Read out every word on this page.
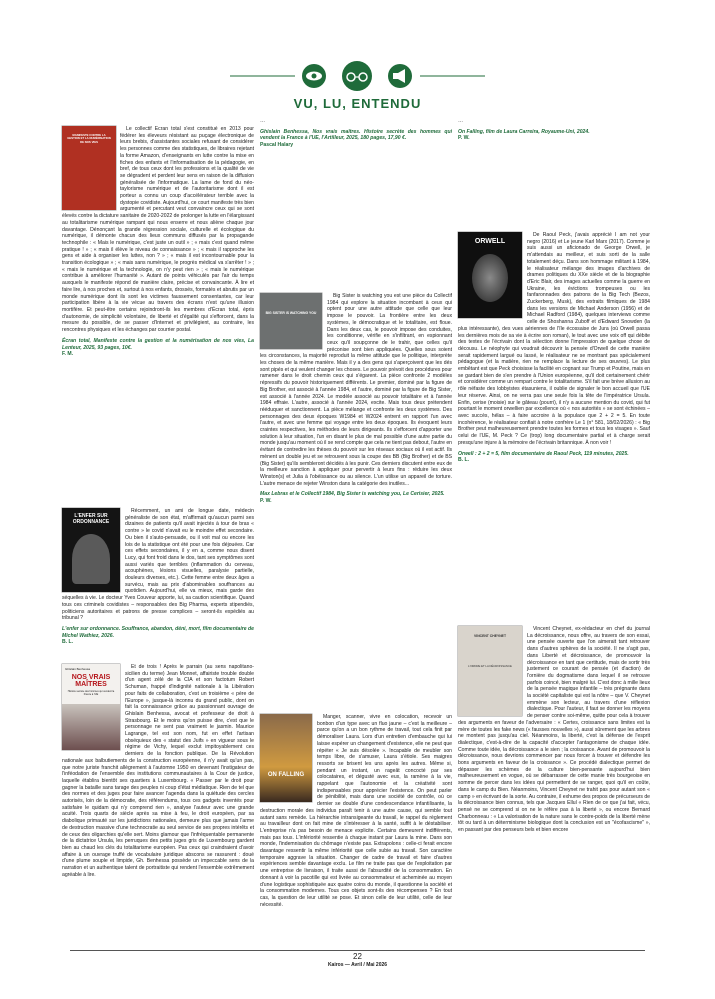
VU, LU, ENTENDU
MANIFESTE CONTRE LA GESTION ET LA NUMÉRISATION DE NOS VIES

Le collectif Écran total s'est constitué en 2013 pour fédérer les éleveurs résistant au puçage électronique de leurs brebis, d'assistantes sociales refusant de considérer les personnes comme des statistiques, de libraires rejetant la forme Amazon, d'enseignants en lutte contre la mise en fiches des enfants et l'informatisation de la pédagogie, en bref, de tous ceux dont les professions et la qualité de vie se dégradent et perdent leur sens en raison de la diffusion généralisée de l'informatique. La lame de fond du néo-taylorisme numérique et de l'autoritarisme dont il est porteur a connu un coup d'accélérateur terrible avec la dystopie covidiste. Aujourd'hui, ce court manifeste très bien argumenté et percutant veut convaincre ceux qui se sont élevés contre la dictature sanitaire de 2020-2022 de prolonger la lutte en l'élargissant au totalitarisme numérique rampant qui nous enserre et nous aliène chaque jour davantage. Dénonçant la grande régression sociale, culturelle et écologique du numérique, il démonte chacun des lieux communs diffusés par la propagande technophile : « Mais le numérique, c'est juste un outil » ; « mais c'est quand même pratique ! » ; « mais il élève le niveau de connaissance » ; « mais il rapproche les gens et aide à organiser les luttes, non ? » ; « mais il est incontournable pour la transition écologique » ; « mais sans numérique, le progrès médical va s'arrêter ! » ; « mais le numérique et la technologie, on n'y peut rien » ; « mais le numérique contribue à améliorer l'humanité ». Autant de points véhiculés par l'air du temps auxquels le manifeste répond de manière claire, précise et convaincante. À lire et faire lire, à nos proches et, surtout à nos enfants, drossés, formatés et abrutis par un monde numérique dont ils sont les victimes faussement consentantes, car leur participation libère à la vie vécue au travers des écrans n'est qu'une illusion mortifère. Et peut-être certains rejoindront-ils les membres d'Écran total, épris d'autonomie, de simplicité volontaire, de liberté et d'égalité qui s'efforcent, dans la mesure du possible, de se passer d'Internet et privilégient, au contraire, les rencontres physiques et les échanges par courrier postal.

Écran total, Manifeste contre la gestion et la numérisation de nos vies, La Lenteur, 2025, 93 pages, 10€.
F. M.
L'ENFER SUR ORDONNANCE

Récemment, un ami de longue date, médecin généraliste de son état, m'affirmait qu'aucun parmi ses dizaines de patients qu'il avait injectés à tour de bras « contre » le covid n'avait eu le moindre effet secondaire. Ou bien il s'auto-persuade, ou il voit mal ou encore les lois de la statistique ont été pour une fois déjouées. Car ces effets secondaires, il y en a, comme nous disent Lucy, qui font froid dans le dos, tant ses symptômes sont aussi variés que terribles (inflammation du cerveau, acouphènes, lésions visuelles, paralysie partielle, douleurs diverses, etc.). Cette femme entre deux âges a survécu, mais au prix d'abominables souffrances au quotidien. Aujourd'hui, elle va mieux, mais garde des séquelles à vie. Le docteur Yves Couveur apporte, lui, sa caution scientifique. Quand tous ces criminels covidistes – responsables des Big Pharma, experts stipendiés, politiciens autoritaires et patrons de presse complices – seront-ils expédiés au tribunal ?

L'enfer sur ordonnance. Souffrance, abandon, déni, mort, film documentaire de Michel Wathiez, 2026.
B. L.
Ghislain Benhessa
NOS VRAIS MAÎTRES
Histoire secrète des hommes qui vendent la France à l'UE

Et de trois ! Après le parrain (au sens napolitano-sicilien du terme) Jean Monnet, affairiste trouble double d'un agent zélé de la CIA et son factotum Robert Schuman, frappé d'indignité nationale à la Libération pour faits de collaboration, c'est un troisième « père de l'Europe », jusque-là inconnu du grand public, dont on fait la connaissance grâce au passionnant ouvrage de Ghislain Benhessa, avocat et professeur de droit à Strasbourg. Et le moins qu'on puisse dire, c'est que le personnage ne sent pas vraiment le jasmin. Maurice Lagrange, tel est son nom, fut en effet l'artisan obséquieux des « statut des Juifs » en vigueur sous le régime de Vichy, lequel exclut impitoyablement ces derniers de la fonction publique. De la Révolution nationale aux balbutiements de la construction européenne, il n'y avait qu'un pas, que notre juriste franchit allègrement à l'automne 1950 en devenant l'instigateur de l'inféodation de l'ensemble des institutions communautaires à la Cour de justice, laquelle établira bientôt ses quartiers à Luxembourg. « Passer par le droit pour gagner la bataille sans tarage des peuples ni coup d'état médiatique. Rien de tel que des normes et des juges pour faire avancer l'agenda dans la quiétude des cercles autorisés, loin de la démocratie, des référendums, tous ces gadgets inventés pour satisfaire le quidam qui n'y comprend rien », analyse l'auteur avec une grande acuité. Trois quarts de siècle après sa mise à feu, le droit européen, par sa diabolique primauté sur les juridictions nationales, demeure plus que jamais l'arme de destruction massive d'une technocratie au seul service de ses propres intérêts et de ceux des oligarchies qu'elle sert. Moins glamour que l'infréquentable permanente de la dictatrice Ursula, les perruques des petits juges gris de Luxembourg gardent bien au chaud les clés du totalitarisme européen. Pas ceux qui craindraient d'avoir affaire à un ouvrage truffé de vocabulaire juridique abscons se rassurent : doué d'une plume souple et limpide, Gh. Benhessa possède un impeccable sens de la narration et un authentique talent de portraitiste qui rendent l'ensemble extrêmement agréable à lire.

…

Ghislain Benhessa, Nos vrais maîtres. Histoire secrète des hommes qui vendent la France à l'UE, l'Artilleur, 2025, 180 pages, 17,90 €.
Pascal Halary
BIG SISTER IS WATCHING YOU

Big Sister is watching you est une pièce du Collectif 1984 qui explore la situation incombant à ceux qui optent pour une autre attitude que celle que leur impose le pouvoir. La frontière entre les deux systèmes, le démocratique et le totalitaire, est floue. Dans les deux cas, le pouvoir impose des conduites, les conditionne, vérifie en s'infiltrant, en espionnant ceux qu'il soupçonne de le trahir, que celles qu'il préconise sont bien appliquées. Quelles sous soient les circonstances, la majorité reproduit la même attitude que le politique, interprète les choses de la même manière. Mais il y a des gens qui s'aperçoivent que les dés sont pipés et qui veulent changer les choses. Le pouvoir prévoit des procédures pour ramener dans le droit chemin ceux qui s'égarent. La pièce confronte 2 modèles répressifs du pouvoir historiquement différents. Le premier, dominé par la figure de Big Brother, est associé à l'année 1984, et l'autre, dominé par la figure de Big Sister, est associé à l'année 2024. Le modèle associé au pouvoir totalitaire et à l'année 1984 effraie. L'autre, associé à l'année 2024, excite. Mais tous deux prétendent rééduquer et sanctionnent. La pièce mélange et confronte les deux systèmes. Des personnages des deux époques W1984 et W2024 entrent en rapport l'un avec l'autre, et avec une femme qui voyage entre les deux époques. Ils évoquent leurs craintes respectives, les méthodes de leurs dirigeants. Ils s'efforcent d'apporter une solution à leur situation, l'un en disant le plus de mal possible d'une autre partie du monde jusqu'au moment où il se rend compte que cela ne tient pas debout, l'autre en évitant de contredire les thèses du pouvoir sur les réseaux sociaux où il est actif. Ils mènent un double jeu et se retrouvent sous la coupe des BB (Big Brother) et de BS (Big Sister) qu'ils sembleront décidés à les punir. Ces derniers discutent entre eux de la meilleure sanction à appliquer pour pervertir à leurs fins : réduire les deux Winston(s) et Julia à l'obéissance ou au silence. L'un utilise un appareil de torture. L'autre menace de rejeter Winston dans la catégorie des inutiles...

Max Lebras et le Collectif 1984, Big Sister is watching you, Le Cerisier, 2025.
P. W.
ON FALLING

Manger, scanner, vivre en colocation, recevoir un bonbon d'un type avec un fluo jaune – c'est la meilleure – parce qu'on a un bon rythme de travail, tout cela finit par démoraliser Laura. Lors d'un entretien d'embauche qui lui laisse espérer un changement d'existence, elle ne peut que répéter « Je suis désolée ». Incapable de meubler son temps libre, de s'amuser, Laura s'étiole. Ses maigres ressorts se brisent les uns après les autres. Même si, pendant un instant, un rageât concocté par ses colocataires, et dégusté avec eux, la ramène à la vie, rappelant que l'autonomie et la créativité sont indispensables pour apprécier l'existence. On peut parler de pénibilité, mais dans une société de contrôle, où ce dernier se double d'une condescendance infantilisante, la destruction morale des individus paraît tenir à une autre cause, qui semble tout autant sans remède. La hiérarchie intransigeante du travail, le rappel du règlement au travailleur dont on fait mine de s'intéresser à la santé, suffit à le déstabiliser. L'entreprise n'a pas besoin de menace explicite. Certains demeurent indifférents, mais pas tous. L'infériorité ressentie à chaque instant par Laura la mine. Dans son monde, l'indemnisation du chômage n'existe pas. Extrapolons : celle-ci ferait encore davantage ressentir la même infériorité que celle subie au travail. Son caractère temporaire aggrave la situation. Changer de cadre de travail et faire d'autres expériences semble davantage exclu. Le film ne traite pas que de l'exploitation par une entreprise de livraison, il traite aussi de l'absurdité de la consommation. En donnant à voir la pacotille qui est livrée au consommateur et acheminée au moyen d'une logistique sophistiquée aux quatre coins du monde, il questionne la société et la consommation modernes. Tous ces objets sont-ils des récompenses ? En tout cas, la question de leur utilité se pose. Et sinon celle de leur utilité, celle de leur nécessité.

…

On Falling, film de Laura Carreira, Royaume-Uni, 2024.
P. W.
ORWELL

De Raoul Peck, j'avais apprécié I am not your negro (2016) et Le jeune Karl Marx (2017). Comme je suis aussi un aficionado de George Orwell, je m'attendais au meilleur, et suis sorti de la salle totalement déçu. Dans son hommage militant à 1984, le réalisateur mélange des images d'archives de drames politiques du XXe siècle et de la biographie d'Eric Blair, des images actuelles comme la guerre en Ukraine, les évictions trompeuses ou les fanfaronnades des patrons de la Big Tech (Bezos, Zuckerberg, Musk), des extraits filmiques de 1984 dans les versions de Michael Anderson (1956) et de Michael Radford (1984), quelques interviews comme celle de Shoshanna Zuboff et d'Edward Snowden (la plus intéressante), des vues aériennes de l'île écossaise de Jura (où Orwell passa les dernières mois de sa vie à écrire son roman), le tout avec une voix off qui débite des textes de l'écrivain dont la sélection donne l'impression de quelque chose de décousu. Le néophyte qui voudrait découvrir la pensée d'Orwell de cette manière serait rapidement largué ou lassé, le réalisateur ne se montrant pas spécialement pédagogue (et la matière, rien ne remplace la lecture de ses œuvres). Le plus embêtant est que Peck choisisse la facilité en cognant sur Trump et Poutine, mais en se gardant bien de s'en prendre à l'Union européenne, qu'il doit certainement chérir et considérer comme un rempart contre le totalitarisme. S'il fait une brève allusion au rôle néfaste des lobbyistes étasuniens, il oublie de signaler le bon accueil que l'UE leur réserve. Ainsi, on ne verra pas une seule fois la tête de l'impératrice Ursula. Enfin, cerise (moisie) sur le gâteau (pourri), il n'y a aucune mention du covid, qui fut pourtant le moment orwellien par excellence où « nos autorités » se sont échinées – avec succès, hélas – à faire accroire à la populace que 2 + 2 = 5. En toute incohérence, le réalisateur confiait à notre confrère Le 1 (n° 581, 18/02/2026) : « Big Brother peut malheureusement prendre toutes les formes et tous les visages ». Sauf celui de l'UE, M. Peck ? Ce (trop) long documentaire partial et à charge serait presqu'une injure à la mémoire de l'écrivain britannique. À non voir !

Orwell : 2 + 2 = 5, film documentaire de Raoul Peck, 119 minutes, 2025.
B. L.
VINCENT CHEYNET
L'ORDRE ET LA DÉCROISSANCE

Vincent Cheynet, ex-rédacteur en chef du journal La décroissance, nous offre, au travers de son essai, une pensée ouverte que l'on aimerait tant retrouver dans d'autres sphères de la société. Il ne s'agit pas, dans Liberté et décroissance, de promouvoir la décroissance en tant que certitude, mais de sortir très justement ce courant de pensée (et d'action) de l'ornière du dogmatisme dans lequel il se retrouve parfois coincé, bien malgré lui. C'est donc à mille lieux de la pensée magique infantile – très prégnante dans la société capitaliste qui est la nôtre – que V. Cheynet emmène son lecteur, au travers d'une réflexion dialectique. Pour l'auteur, il faut se donner les moyens de penser contre soi-même, quitte pour cela à trouver des arguments en faveur de l'adversaire : « Certes, croissance sans limites est la mère de toutes les fake news (« fausses nouvelles »), aussi sûrement que les arbres ne montent pas jusqu'au ciel. Néanmoins, la liberté, c'est la défense de l'esprit dialectique, c'est-à-dire de la capacité d'accepter l'antagonisme de chaque idée. Comme toute idée, la décroissance a le sien ; la croissance. Avant de promouvoir la décroissance, nous devrions commencer par nous forcer à trouver et défendre les bons arguments en faveur de la croissance ». Ce procédé dialectique permet de dépasser les schèmes de la culture bien-pensante aujourd'hui bien malheureusement en vogue, où se débarrasser de cette manie très bourgeoise en somme de percer dans les idées qui permettent de se ranger, quoi qu'il en coûte, dans le camp du Bien. Néanmoins, Vincent Cheynet ne trahit pas pour autant son « camp » en écrivant de la sorte. Au contraire, il exhume des propos de précurseurs de la décroissance bien connus, tels que Jacques Ellul « Rien de ce que j'ai fait, vécu, pensé ne se comprend si on ne le réfère pas à la liberté », ou encore Bernard Charbonneau : « La valorisation de la nature sans le contre-poids de la liberté mène tôt ou tard à un déterminisme biologique dont la conclusion est un "écofascisme" », en passant par des penseurs bels et bien encore

22
Kairos — Avril / Mai 2026
